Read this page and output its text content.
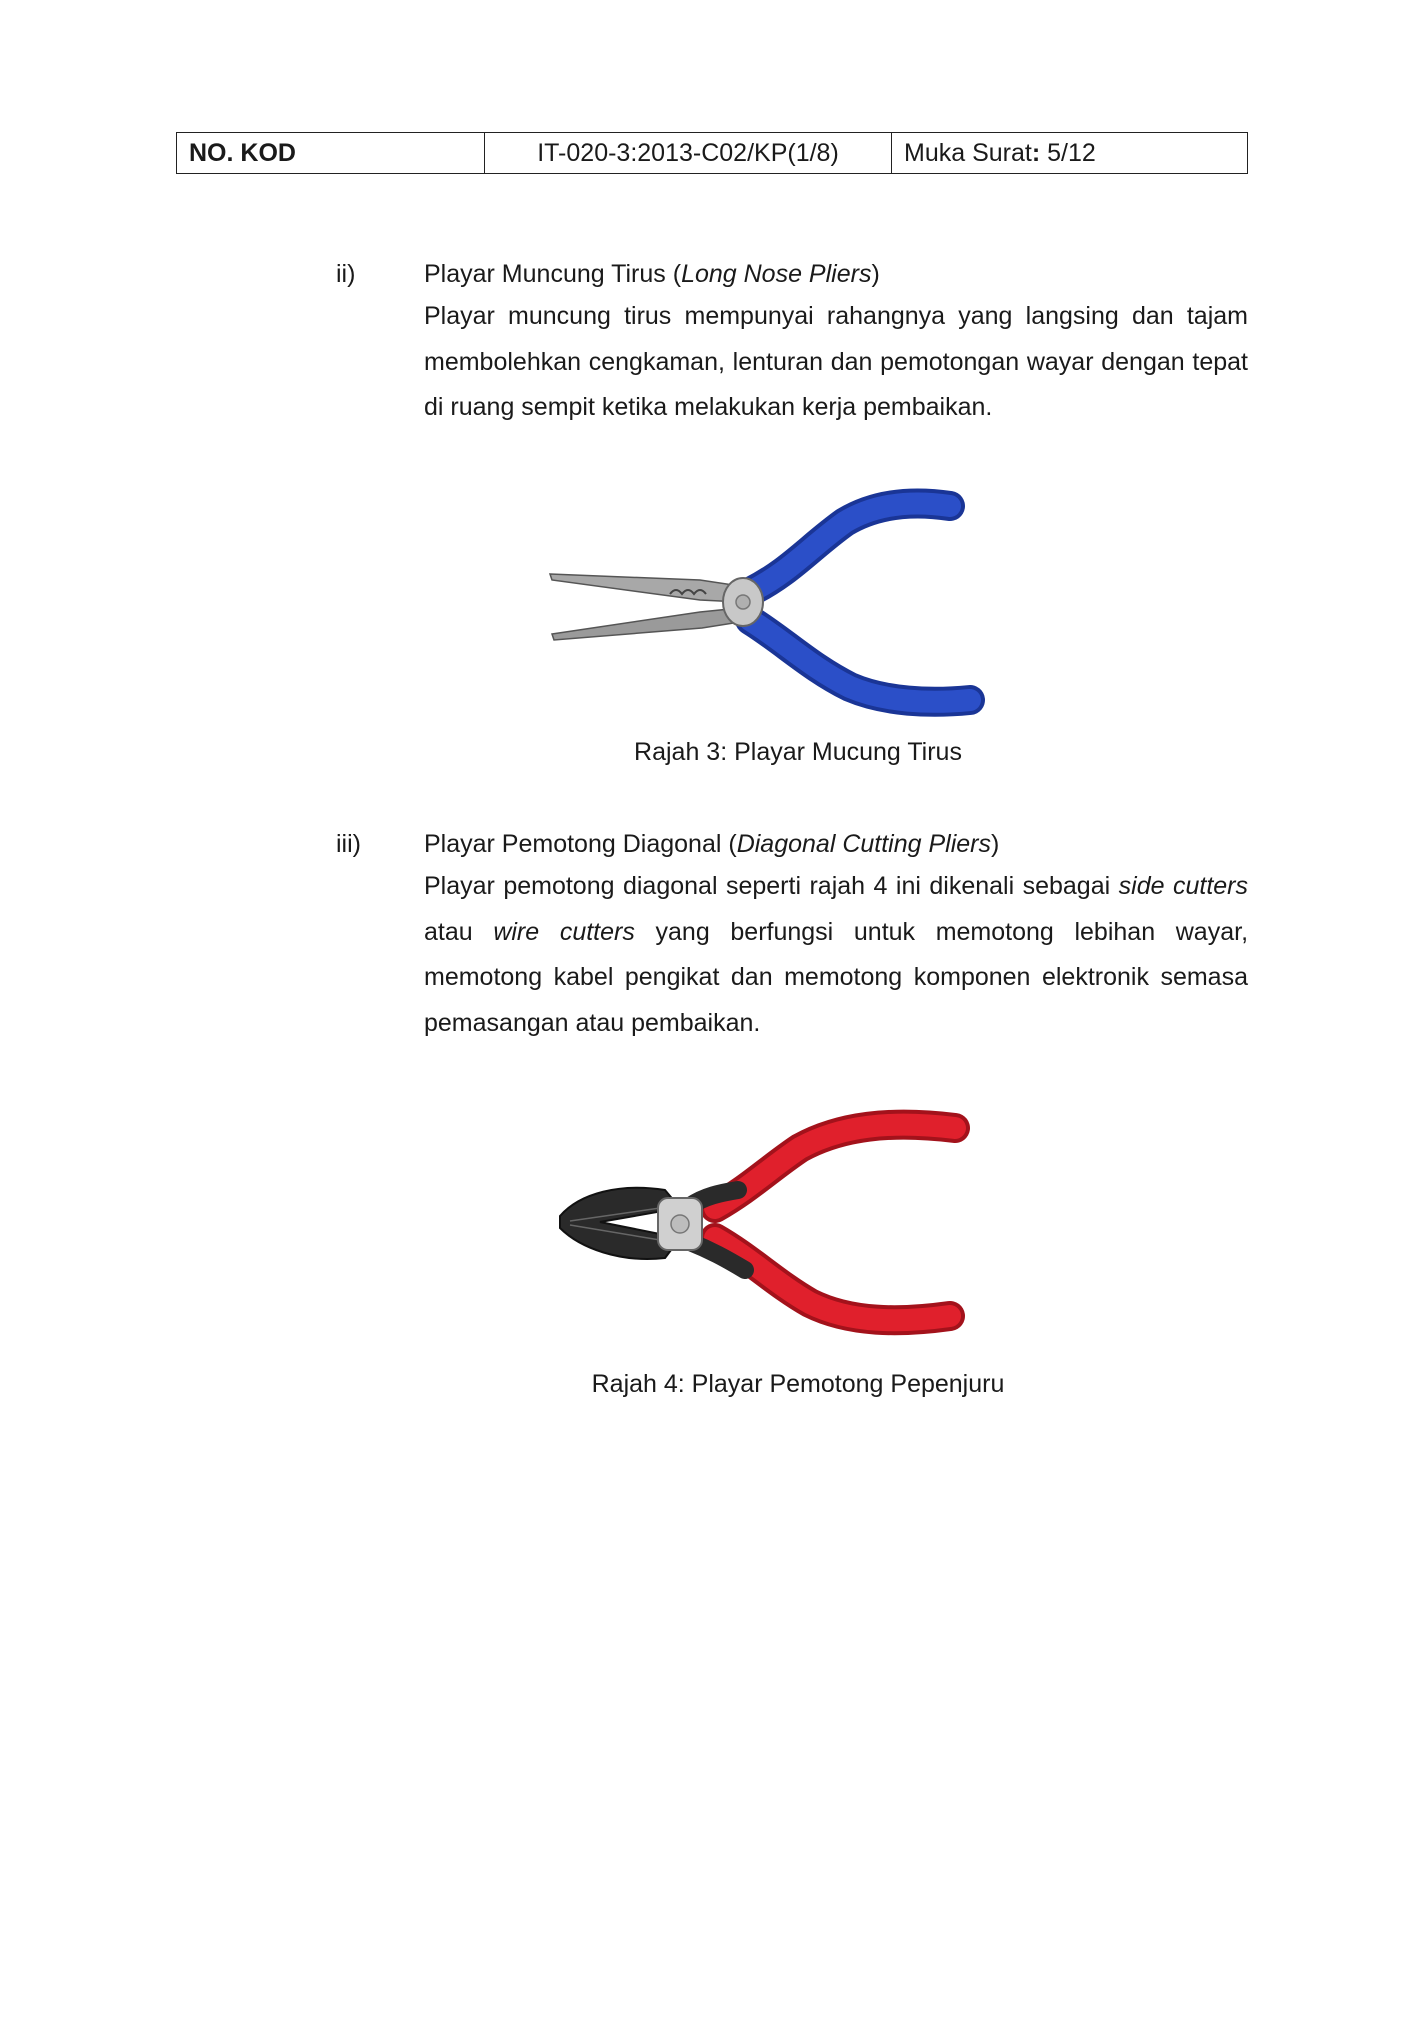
NO. KOD	IT-020-3:2013-C02/KP(1/8)	Muka Surat: 5/12
ii)	Playar Muncung Tirus (Long Nose Pliers)
Playar muncung tirus mempunyai rahangnya yang langsing dan tajam membolehkan cengkaman, lenturan dan pemotongan wayar dengan tepat di ruang sempit ketika melakukan kerja pembaikan.
Rajah 3: Playar Mucung Tirus
iii)	Playar Pemotong Diagonal (Diagonal Cutting Pliers)
Playar pemotong diagonal seperti rajah 4 ini dikenali sebagai side cutters atau wire cutters yang berfungsi untuk memotong lebihan wayar, memotong kabel pengikat dan memotong komponen elektronik semasa pemasangan atau pembaikan.
Rajah 4: Playar Pemotong Pepenjuru
